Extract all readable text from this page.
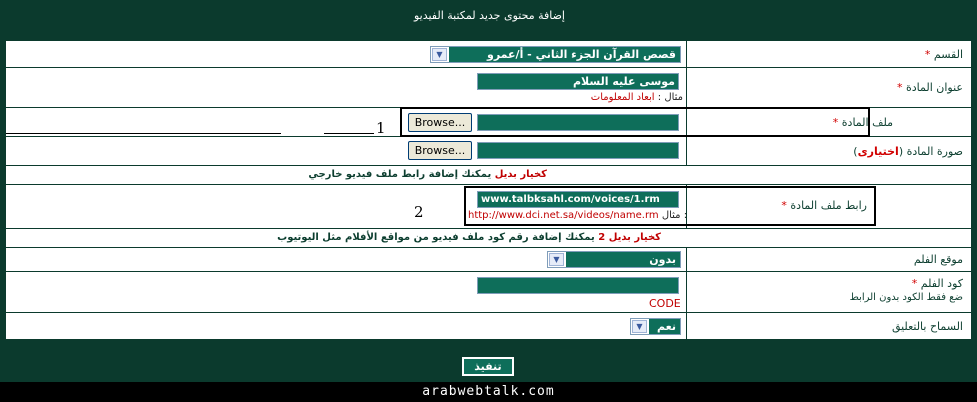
إضافة محتوى جديد لمكتبة الفيديو
القسم *
قصص القرآن الجزء الثاني - أ/عمرو
▼
عنوان المادة *
موسى عليه السلام
مثال : ابعاد المعلومات
ملف المادة *
Browse...
صورة المادة (اختيارى)
Browse...
كخيار بديل يمكنك إضافة رابط ملف فيديو خارجي
رابط ملف المادة *
www.talbksahl.com/voices/1.rm
http://www.dci.net.sa/videos/name.rm مثال :
كخيار بديل 2 يمكنك إضافة رقم كود ملف فيديو من مواقع الأفلام مثل اليوتيوب
موقع الفلم
بدون
▼
كود الفلم *
ضع فقط الكود بدون الرابط
CODE
السماح بالتعليق
نعم
▼
1
2
تنفيذ
arabwebtalk.com
